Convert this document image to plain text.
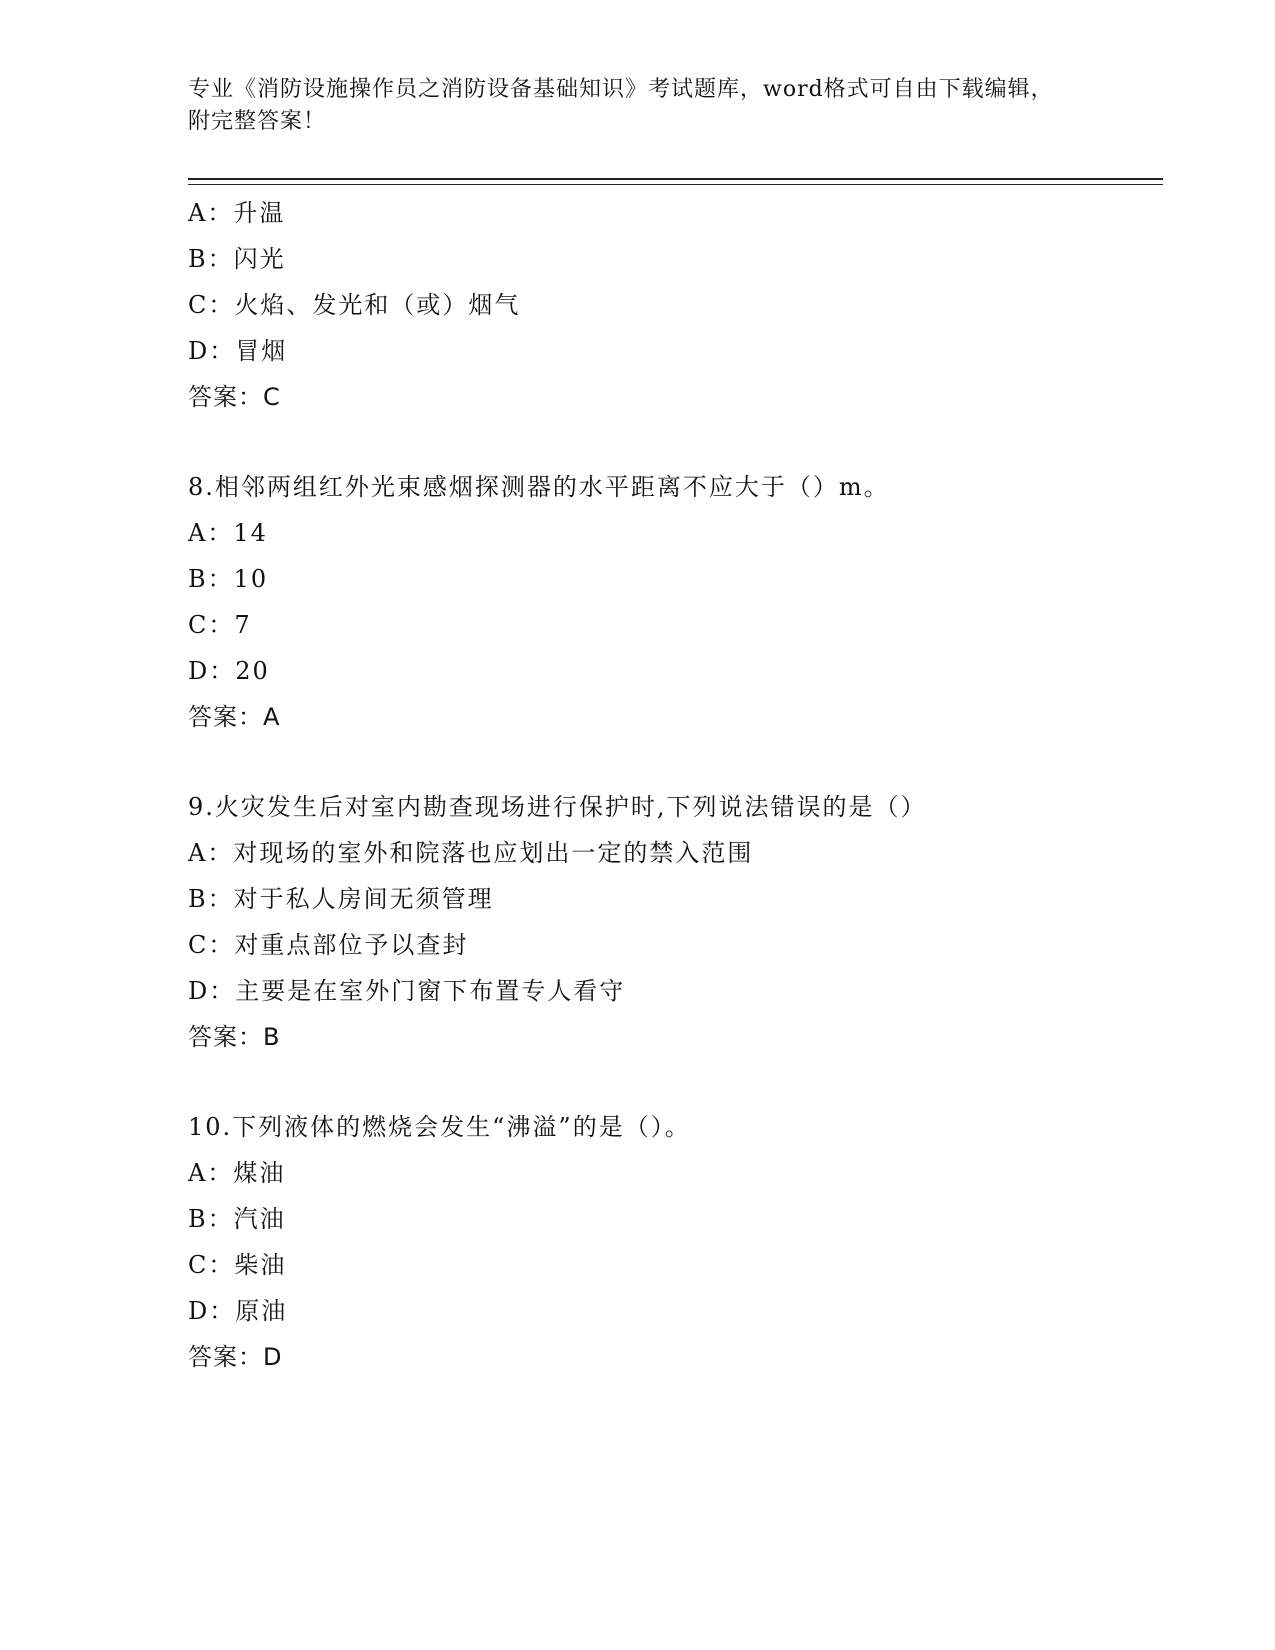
专业《消防设施操作员之消防设备基础知识》考试题库，word格式可自由下载编辑，附完整答案！
A：升温
B：闪光
C：火焰、发光和（或）烟气
D：冒烟
答案：C
8.相邻两组红外光束感烟探测器的水平距离不应大于（）m。
A：14
B：10
C：7
D：20
答案：A
9.火灾发生后对室内勘查现场进行保护时,下列说法错误的是（）
A：对现场的室外和院落也应划出一定的禁入范围
B：对于私人房间无须管理
C：对重点部位予以查封
D：主要是在室外门窗下布置专人看守
答案：B
10.下列液体的燃烧会发生“沸溢”的是（）。
A：煤油
B：汽油
C：柴油
D：原油
答案：D
